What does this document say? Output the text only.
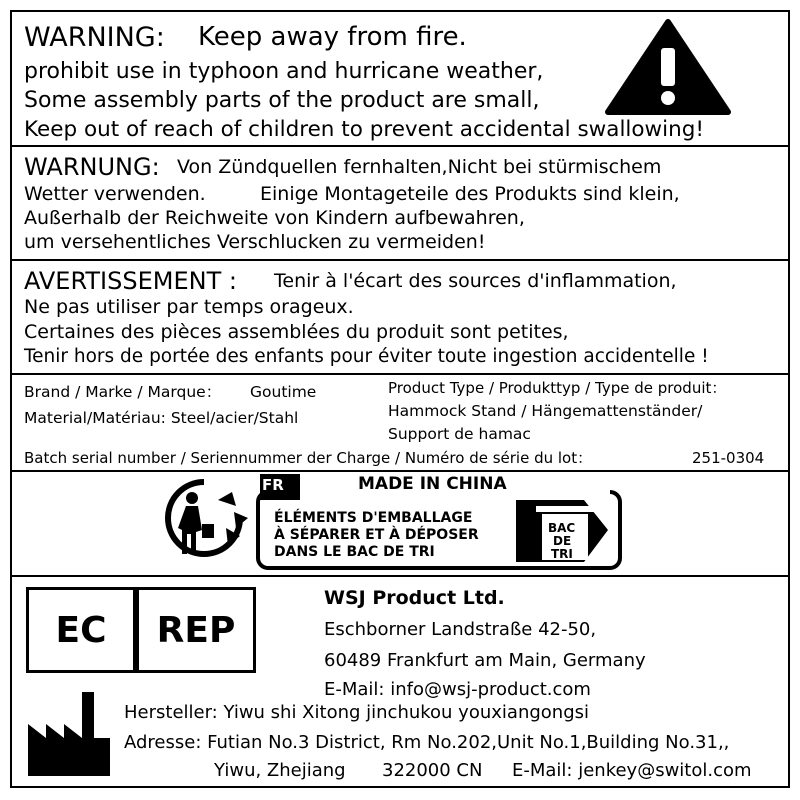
WARNING: Keep away from fire.
prohibit use in typhoon and hurricane weather,
Some assembly parts of the product are small,
Keep out of reach of children to prevent accidental swallowing!
WARNUNG: Von Zündquellen fernhalten,Nicht bei stürmischem
Wetter verwenden.	Einige Montageteile des Produkts sind klein,
Außerhalb der Reichweite von Kindern aufbewahren,
um versehentliches Verschlucken zu vermeiden!
AVERTISSEMENT : Tenir à l'écart des sources d'inflammation,
Ne pas utiliser par temps orageux.
Certaines des pièces assemblées du produit sont petites,
Tenir hors de portée des enfants pour éviter toute ingestion accidentelle !
Brand / Marke / Marque： Goutime
Material/Matériau: Steel/acier/Stahl
Product Type / Produkttyp / Type de produit：
Hammock Stand / Hängemattenständer/
Support de hamac
Batch serial number / Seriennummer der Charge / Numéro de série du lot：	251-0304
FR	MADE IN CHINA
ÉLÉMENTS D'EMBALLAGE
À SÉPARER ET À DÉPOSER
DANS LE BAC DE TRI
BAC
DE
TRI
EC	REP
WSJ Product Ltd.
Eschborner Landstraße 42-50,
60489 Frankfurt am Main, Germany
E-Mail: info@wsj-product.com
Hersteller: Yiwu shi Xitong jinchukou youxiangongsi
Adresse: Futian No.3 District, Rm No.202,Unit No.1,Building No.31,,
Yiwu, Zhejiang 322000 CN E-Mail: jenkey@switol.com
